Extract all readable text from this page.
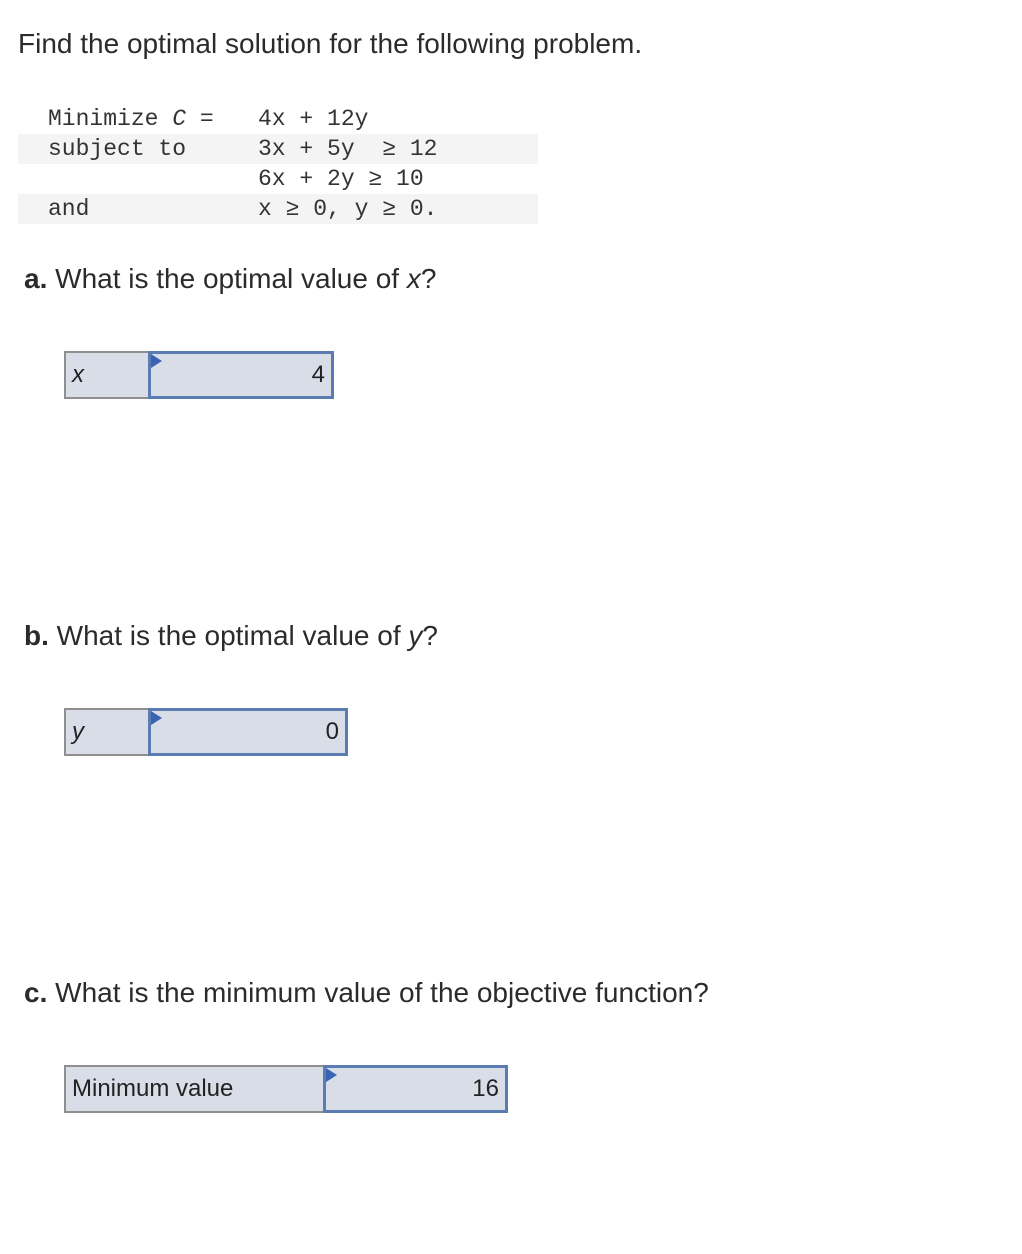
Find the optimal solution for the following problem.
Minimize C = 4x + 12y
subject to	3x + 5y  ≥ 12
6x + 2y ≥ 10
and	x ≥ 0, y ≥ 0.
a. What is the optimal value of x?
x	4
b. What is the optimal value of y?
y	0
c. What is the minimum value of the objective function?
Minimum value	16
